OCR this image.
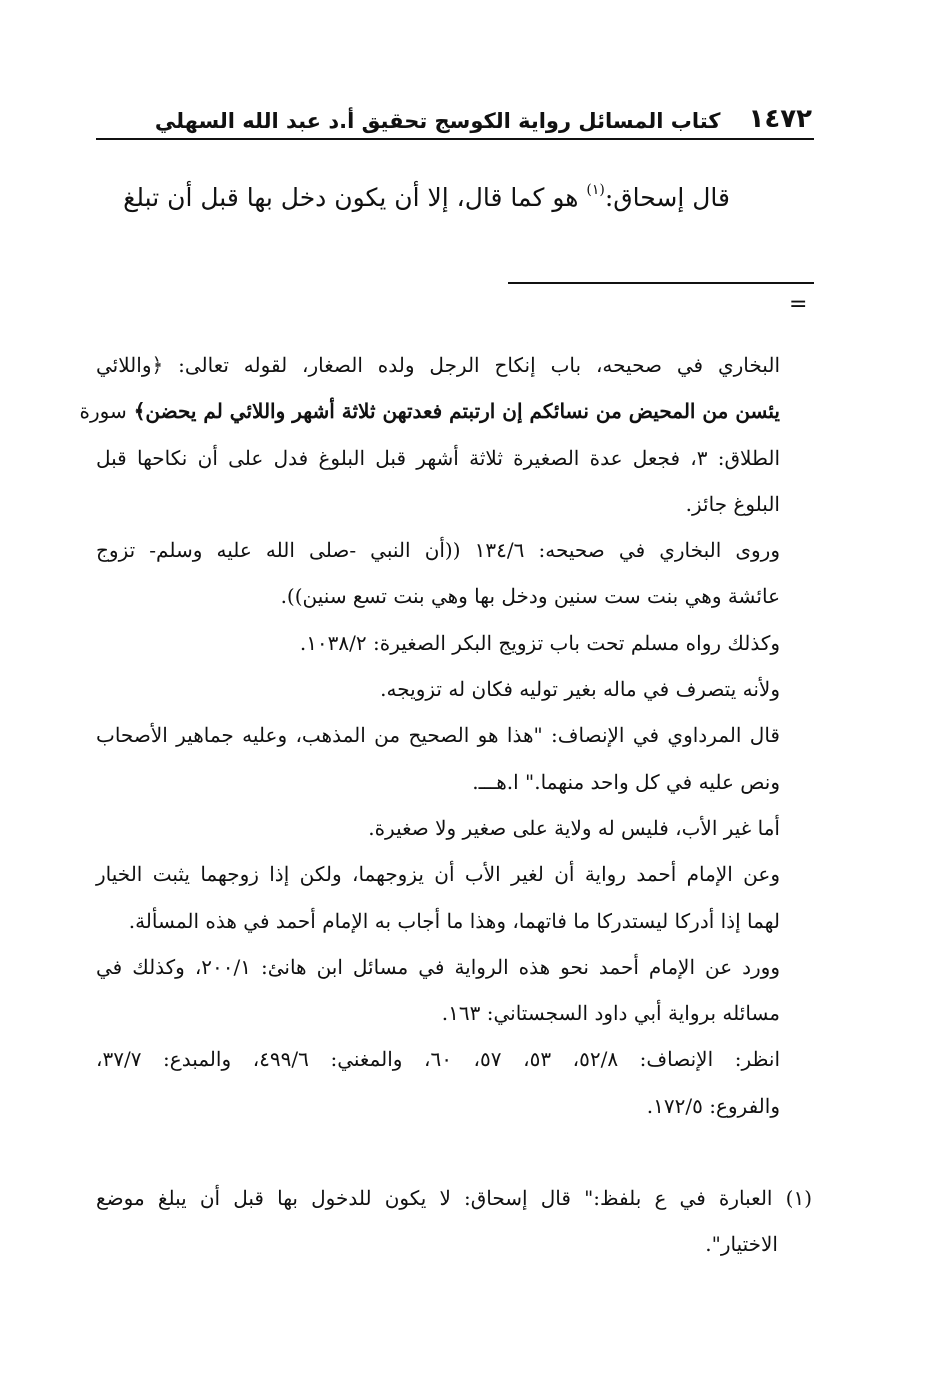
١٤٧٢
كتاب المسائل رواية الكوسج تحقيق أ.د عبد الله السهلي
قال إسحاق:$^{(١)}$ هو كما قال، إلا أن يكون دخل بها قبل أن تبلغ
=
البخاري في صحيحه، باب إنكاح الرجل ولده الصغار، لقوله تعالى: ﴿واللائي
يئسن من المحيض من نسائكم إن ارتبتم فعدتهن ثلاثة أشهر واللائي لم يحضن﴾ سورة
الطلاق: ٣، فجعل عدة الصغيرة ثلاثة أشهر قبل البلوغ فدل على أن نكاحها قبل
البلوغ جائز.
وروى البخاري في صحيحه: ١٣٤/٦ ((أن النبي -صلى الله عليه وسلم- تزوج
عائشة وهي بنت ست سنين ودخل بها وهي بنت تسع سنين)).
وكذلك رواه مسلم تحت باب تزويج البكر الصغيرة: ١٠٣٨/٢.
ولأنه يتصرف في ماله بغير توليه فكان له تزويجه.
قال المرداوي في الإنصاف: "هذا هو الصحيح من المذهب، وعليه جماهير الأصحاب
ونص عليه في كل واحد منهما." ا.هـــ.
أما غير الأب، فليس له ولاية على صغير ولا صغيرة.
وعن الإمام أحمد رواية أن لغير الأب أن يزوجهما، ولكن إذا زوجهما يثبت الخيار
لهما إذا أدركا ليستدركا ما فاتهما، وهذا ما أجاب به الإمام أحمد في هذه المسألة.
وورد عن الإمام أحمد نحو هذه الرواية في مسائل ابن هانئ: ٢٠٠/١، وكذلك في
مسائله برواية أبي داود السجستاني: ١٦٣.
انظر: الإنصاف: ٥٢/٨، ٥٣، ٥٧، ٦٠، والمغني: ٤٩٩/٦، والمبدع: ٣٧/٧،
والفروع: ١٧٢/٥.
(١) العبارة في ع بلفظ:" قال إسحاق: لا يكون للدخول بها قبل أن يبلغ موضع
الاختيار".
